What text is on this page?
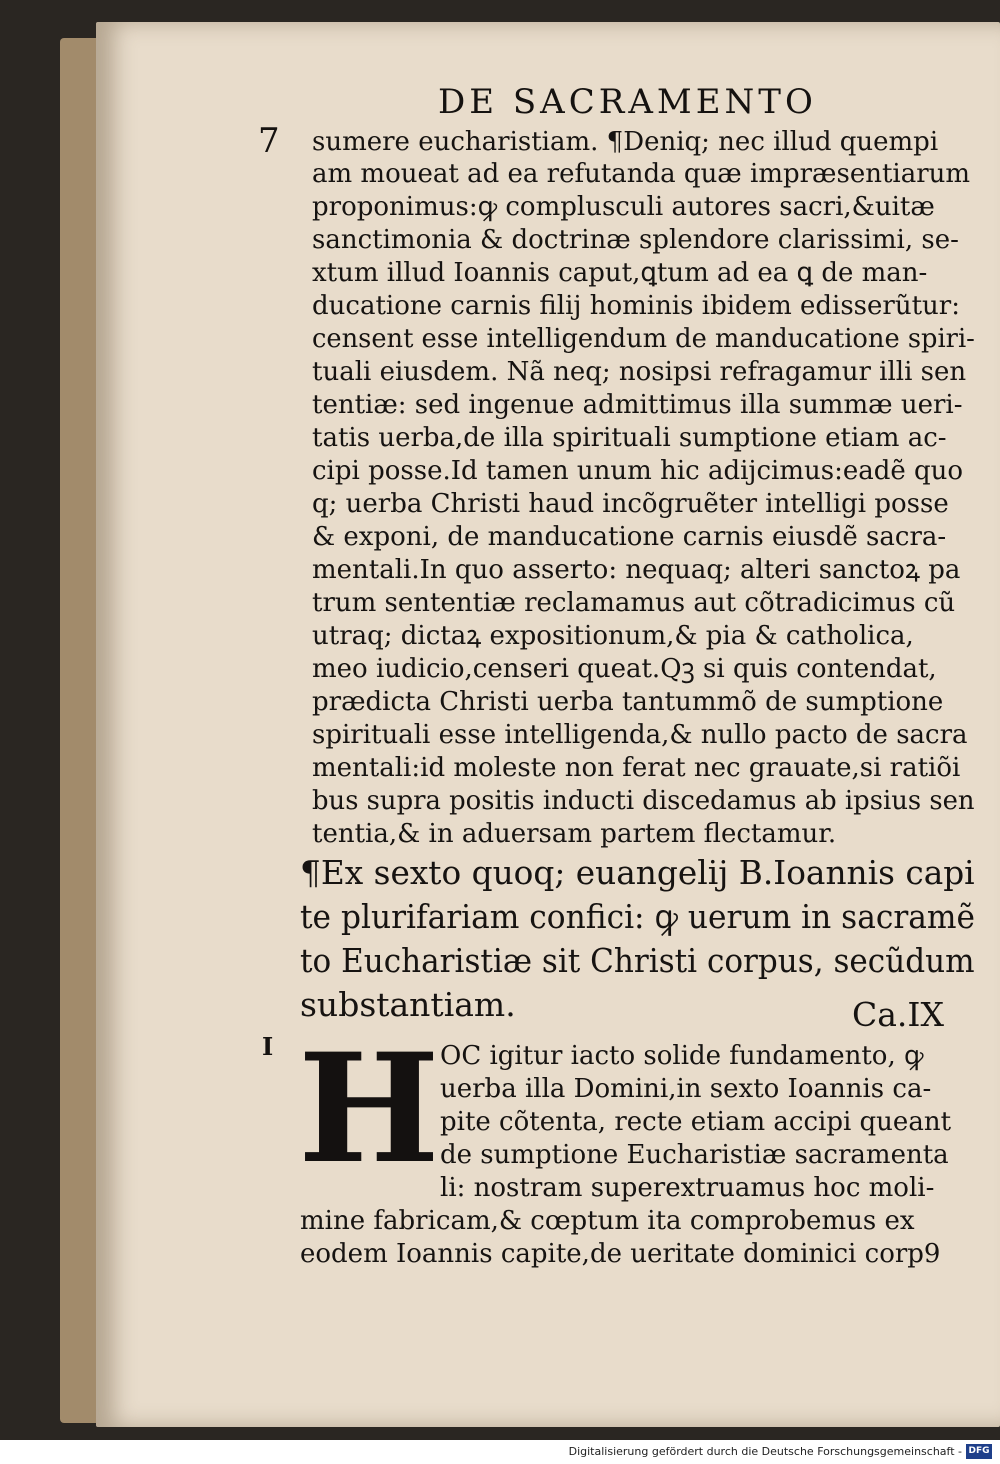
DE SACRAMENTO
7
I
sumere eucharistiam. ¶Deniq; nec illud quempi
am moueat ad ea refutanda quæ impræsentiarum
proponimus:ꝙ complusculi autores sacri,&uitæ
sanctimonia & doctrinæ splendore clarissimi, se-
xtum illud Ioannis caput,ꝗtum ad ea ꝗ de man-
ducatione carnis filij hominis ibidem edisserũtur:
censent esse intelligendum de manducatione spiri-
tuali eiusdem. Nã neq; nosipsi refragamur illi sen
tentiæ: sed ingenue admittimus illa summæ ueri-
tatis uerba,de illa spirituali sumptione etiam ac-
cipi posse.Id tamen unum hic adijcimus:eadẽ quo
q; uerba Christi haud incõgruẽter intelligi posse
& exponi, de manducatione carnis eiusdẽ sacra-
mentali.In quo asserto: nequaq; alteri sanctoꝝ pa
trum sententiæ reclamamus aut cõtradicimus cũ
utraq; dictaꝝ expositionum,& pia & catholica,
meo iudicio,censeri queat.Qꝫ si quis contendat,
prædicta Christi uerba tantummõ de sumptione
spirituali esse intelligenda,& nullo pacto de sacra
mentali:id moleste non ferat nec grauate,si ratiõi
bus supra positis inducti discedamus ab ipsius sen
tentia,& in aduersam partem flectamur.
¶Ex sexto quoq; euangelij B.Ioannis capi
te plurifariam confici: ꝙ uerum in sacramẽ
to Eucharistiæ sit Christi corpus, secũdum
substantiam.	Ca.IX
H OC igitur iacto solide fundamento, ꝙ
uerba illa Domini,in sexto Ioannis ca-
pite cõtenta, recte etiam accipi queant
de sumptione Eucharistiæ sacramenta
li: nostram superextruamus hoc moli-
mine fabricam,& cœptum ita comprobemus ex
eodem Ioannis capite,de ueritate dominici corp9
Digitalisierung gefördert durch die Deutsche Forschungsgemeinschaft - DFG
